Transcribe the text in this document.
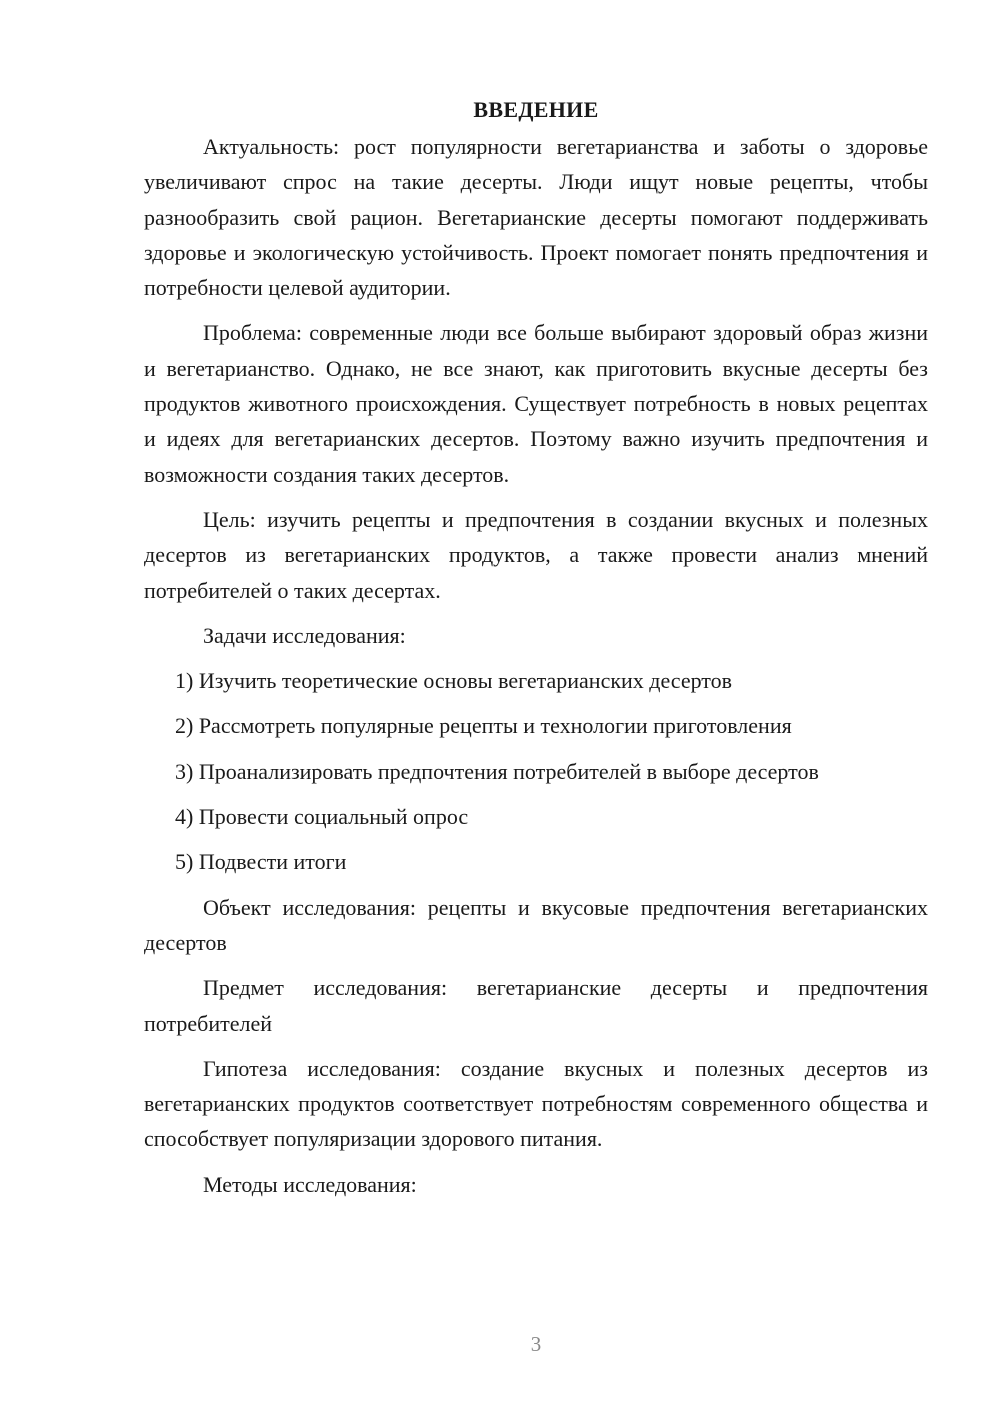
ВВЕДЕНИЕ

Актуальность: рост популярности вегетарианства и заботы о здоровье увеличивают спрос на такие десерты. Люди ищут новые рецепты, чтобы разнообразить свой рацион. Вегетарианские десерты помогают поддерживать здоровье и экологическую устойчивость. Проект помогает понять предпочтения и потребности целевой аудитории.

Проблема: современные люди все больше выбирают здоровый образ жизни и вегетарианство. Однако, не все знают, как приготовить вкусные десерты без продуктов животного происхождения. Существует потребность в новых рецептах и идеях для вегетарианских десертов. Поэтому важно изучить предпочтения и возможности создания таких десертов.

Цель: изучить рецепты и предпочтения в создании вкусных и полезных десертов из вегетарианских продуктов, а также провести анализ мнений потребителей о таких десертах.

Задачи исследования:

1) Изучить теоретические основы вегетарианских десертов
2) Рассмотреть популярные рецепты и технологии приготовления
3) Проанализировать предпочтения потребителей в выборе десертов
4) Провести социальный опрос
5) Подвести итоги

Объект исследования: рецепты и вкусовые предпочтения вегетарианских десертов

Предмет исследования: вегетарианские десерты и предпочтения потребителей

Гипотеза исследования: создание вкусных и полезных десертов из вегетарианских продуктов соответствует потребностям современного общества и способствует популяризации здорового питания.

Методы исследования:

3
